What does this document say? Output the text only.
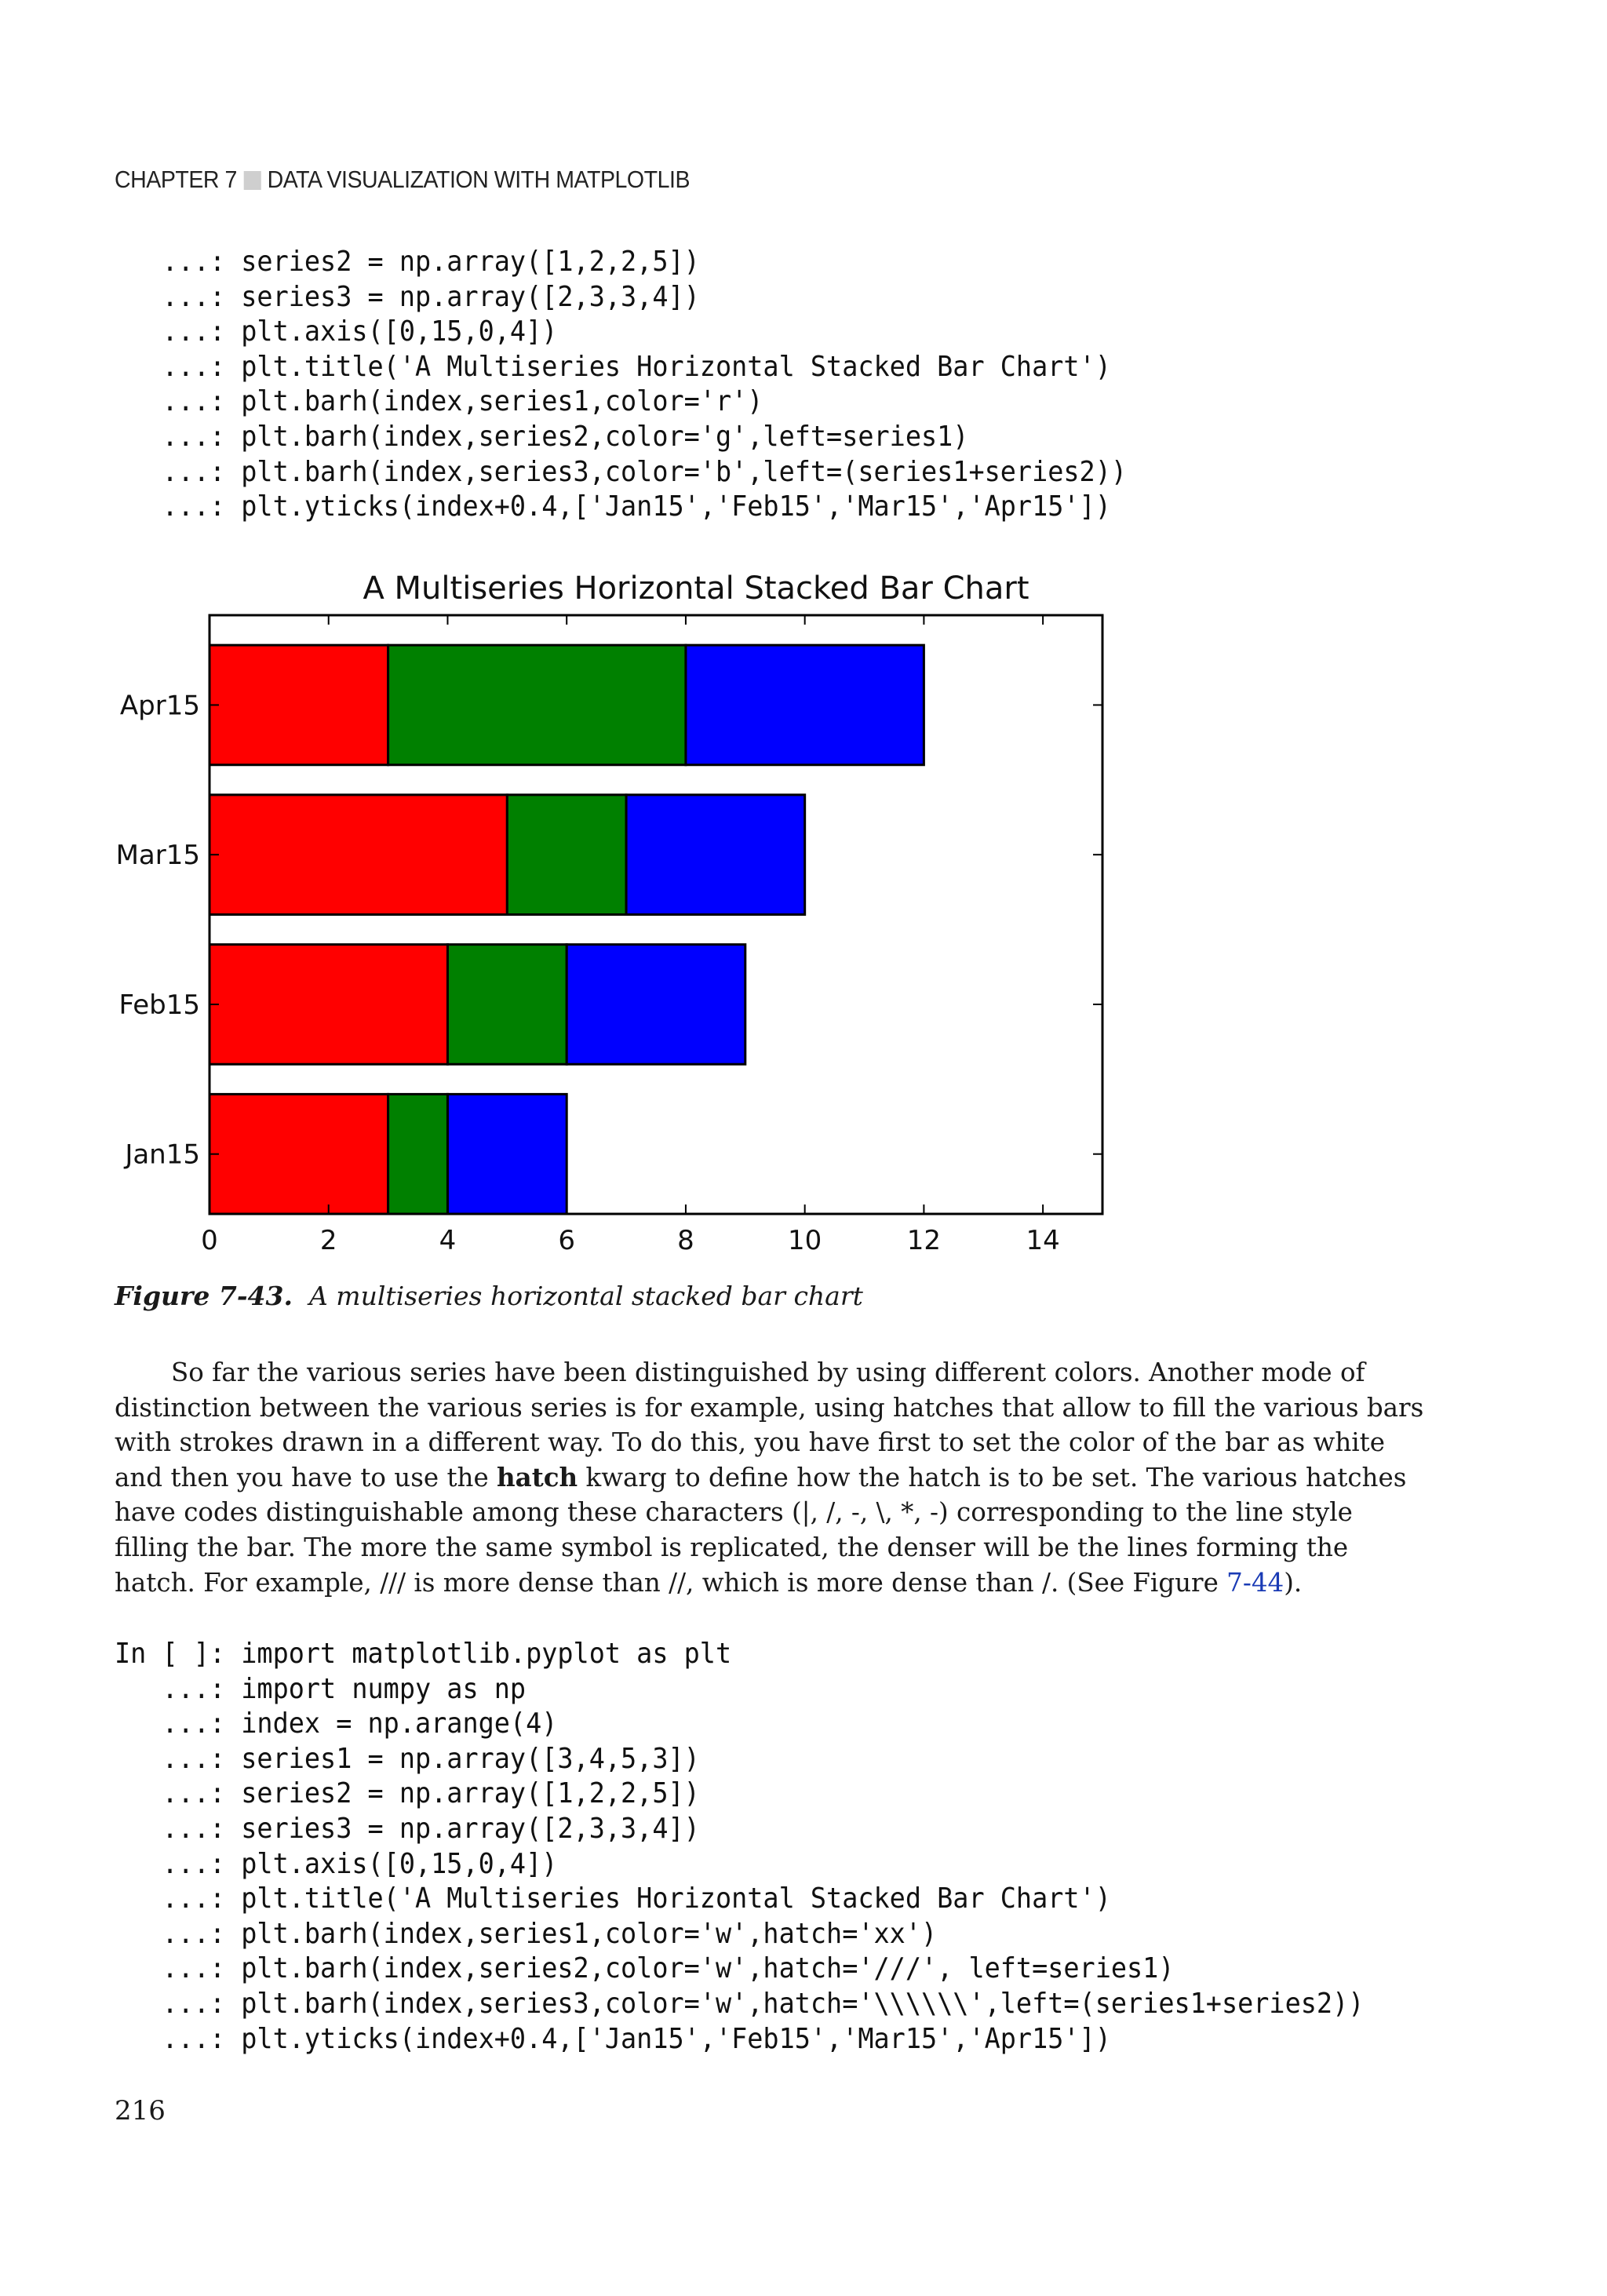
CHAPTER 7 DATA VISUALIZATION WITH MATPLOTLIB
...: series2 = np.array([1,2,2,5])
...: series3 = np.array([2,3,3,4])
...: plt.axis([0,15,0,4])
...: plt.title('A Multiseries Horizontal Stacked Bar Chart')
...: plt.barh(index,series1,color='r')
...: plt.barh(index,series2,color='g',left=series1)
...: plt.barh(index,series3,color='b',left=(series1+series2))
...: plt.yticks(index+0.4,['Jan15','Feb15','Mar15','Apr15'])
A Multiseries Horizontal Stacked Bar Chart
0	2	4	6	8	10	12	14
Jan15
Feb15
Mar15
Apr15
Figure 7-43. A multiseries horizontal stacked bar chart

So far the various series have been distinguished by using different colors. Another mode of distinction between the various series is for example, using hatches that allow to fill the various bars with strokes drawn in a different way. To do this, you have first to set the color of the bar as white and then you have to use the hatch kwarg to define how the hatch is to be set. The various hatches have codes distinguishable among these characters (|, /, -, \, *, -) corresponding to the line style filling the bar. The more the same symbol is replicated, the denser will be the lines forming the hatch. For example, /// is more dense than //, which is more dense than /. (See Figure 7-44).

In [ ]: import matplotlib.pyplot as plt
...: import numpy as np
...: index = np.arange(4)
...: series1 = np.array([3,4,5,3])
...: series2 = np.array([1,2,2,5])
...: series3 = np.array([2,3,3,4])
...: plt.axis([0,15,0,4])
...: plt.title('A Multiseries Horizontal Stacked Bar Chart')
...: plt.barh(index,series1,color='w',hatch='xx')
...: plt.barh(index,series2,color='w',hatch='///', left=series1)
...: plt.barh(index,series3,color='w',hatch='\\\\\\',left=(series1+series2))
...: plt.yticks(index+0.4,['Jan15','Feb15','Mar15','Apr15'])
216
